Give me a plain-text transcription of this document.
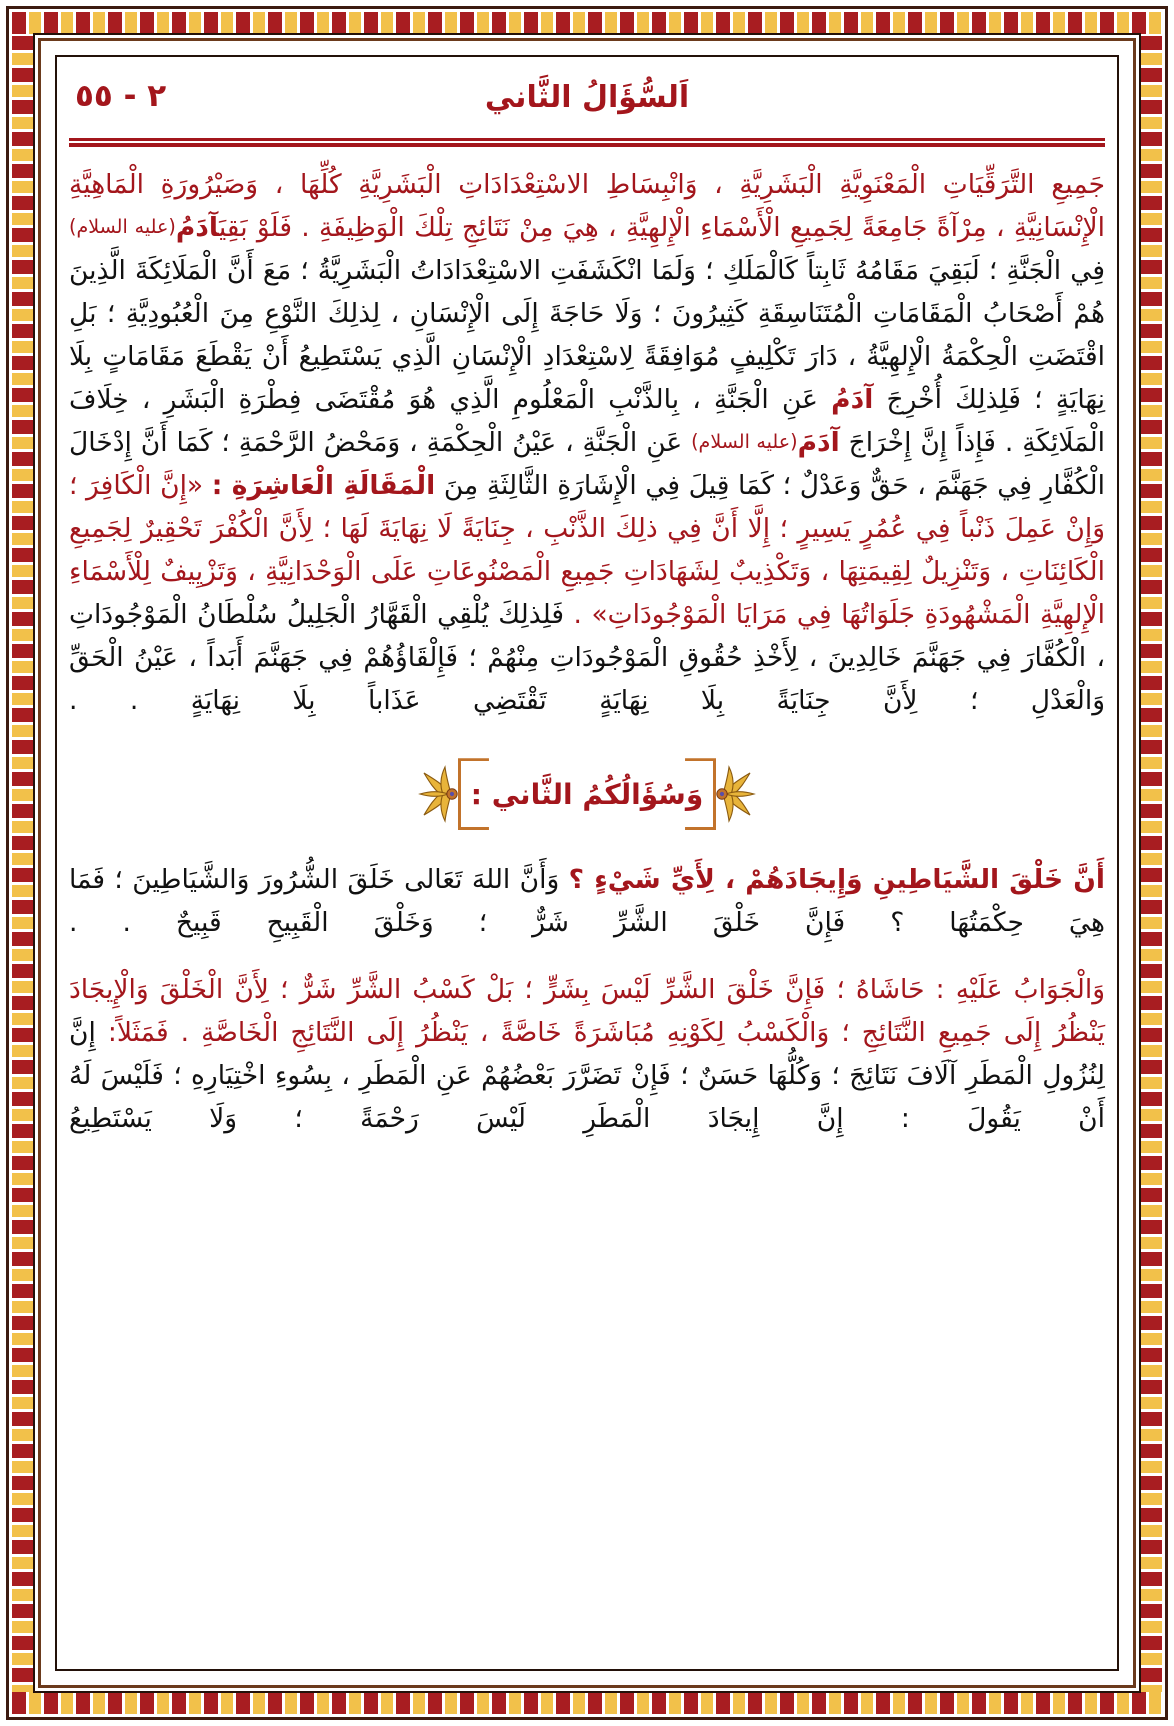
٢ - ٥٥	اَلسُّؤَالُ الثَّاني

جَمِيعِ التَّرَقِّيَاتِ الْمَعْنَوِيَّةِ الْبَشَرِيَّةِ ، وَانْبِسَاطِ الاسْتِعْدَادَاتِ الْبَشَرِيَّةِ كُلِّهَا ، وَصَيْرُورَةِ الْمَاهِيَّةِ الْإِنْسَانِيَّةِ ، مِرْآةً جَامِعَةً لِجَمِيعِ الْأَسْمَاءِ الْإِلهِيَّةِ ، هِيَ مِنْ نَتَائِجِ تِلْكَ الْوَظِيفَةِ . فَلَوْ بَقِيَآدَمُ(عليه السلام) فِي الْجَنَّةِ ؛ لَبَقِيَ مَقَامُهُ ثَابِتاً كَالْمَلَكِ ؛ وَلَمَا انْكَشَفَتِ الاسْتِعْدَادَاتُ الْبَشَرِيَّةُ ؛ مَعَ أَنَّ الْمَلَائِكَةَ الَّذِينَ هُمْ أَصْحَابُ الْمَقَامَاتِ الْمُتَنَاسِقَةِ كَثِيرُونَ ؛ وَلَا حَاجَةَ إِلَى الْإِنْسَانِ ، لِذلِكَ النَّوْعِ مِنَ الْعُبُودِيَّةِ ؛ بَلِ اقْتَضَتِ الْحِكْمَةُ الْإِلهِيَّةُ ، دَارَ تَكْلِيفٍ مُوَافِقَةً لِاسْتِعْدَادِ الْإِنْسَانِ الَّذِي يَسْتَطِيعُ أَنْ يَقْطَعَ مَقَامَاتٍ بِلَا نِهَايَةٍ ؛ فَلِذلِكَ أُخْرِجَ آدَمُ عَنِ الْجَنَّةِ ، بِالذَّنْبِ الْمَعْلُومِ الَّذِي هُوَ مُقْتَضَى فِطْرَةِ الْبَشَرِ ، خِلَافَ الْمَلَائِكَةِ . فَإِذاً إِنَّ إِخْرَاجَ آدَمَ(عليه السلام) عَنِ الْجَنَّةِ ، عَيْنُ الْحِكْمَةِ ، وَمَحْضُ الرَّحْمَةِ ؛ كَمَا أَنَّ إِدْخَالَ الْكُفَّارِ فِي جَهَنَّمَ ، حَقٌّ وَعَدْلٌ ؛ كَمَا قِيلَ فِي الْإِشَارَةِ الثَّالِثَةِ مِنَ الْمَقَالَةِ الْعَاشِرَةِ : «إِنَّ الْكَافِرَ ؛ وَإِنْ عَمِلَ ذَنْباً فِي عُمُرٍ يَسِيرٍ ؛ إِلَّا أَنَّ فِي ذلِكَ الذَّنْبِ ، جِنَايَةً لَا نِهَايَةَ لَهَا ؛ لِأَنَّ الْكُفْرَ تَحْقِيرٌ لِجَمِيعِ الْكَائِنَاتِ ، وَتَنْزِيلٌ لِقِيمَتِهَا ، وَتَكْذِيبٌ لِشَهَادَاتِ جَمِيعِ الْمَصْنُوعَاتِ عَلَى الْوَحْدَانِيَّةِ ، وَتَزْيِيفٌ لِلْأَسْمَاءِ الْإِلهِيَّةِ الْمَشْهُودَةِ جَلَوَاتُهَا فِي مَرَايَا الْمَوْجُودَاتِ» . فَلِذلِكَ يُلْقِي الْقَهَّارُ الْجَلِيلُ سُلْطَانُ الْمَوْجُودَاتِ ، الْكُفَّارَ فِي جَهَنَّمَ خَالِدِينَ ، لِأَخْذِ حُقُوقِ الْمَوْجُودَاتِ مِنْهُمْ ؛ فَإِلْقَاؤُهُمْ فِي جَهَنَّمَ أَبَداً ، عَيْنُ الْحَقِّ وَالْعَدْلِ ؛ لِأَنَّ جِنَايَةً بِلَا نِهَايَةٍ تَقْتَضِي عَذَاباً بِلَا نِهَايَةٍ . .

وَسُؤَالُكُمُ الثَّاني :

أَنَّ خَلْقَ الشَّيَاطِينِ وَإِيجَادَهُمْ ، لِأَيِّ شَيْءٍ ؟ وَأَنَّ اللهَ تَعَالى خَلَقَ الشُّرُورَ وَالشَّيَاطِينَ ؛ فَمَا هِيَ حِكْمَتُهَا ؟ فَإِنَّ خَلْقَ الشَّرِّ شَرٌّ ؛ وَخَلْقَ الْقَبِيحِ قَبِيحٌ . .

وَالْجَوَابُ عَلَيْهِ : حَاشَاهُ ؛ فَإِنَّ خَلْقَ الشَّرِّ لَيْسَ بِشَرٍّ ؛ بَلْ كَسْبُ الشَّرِّ شَرٌّ ؛ لِأَنَّ الْخَلْقَ وَالْإِيجَادَ يَنْظُرُ إِلَى جَمِيعِ النَّتَائِجِ ؛ وَالْكَسْبُ لِكَوْنِهِ مُبَاشَرَةً خَاصَّةً ، يَنْظُرُ إِلَى النَّتَائِجِ الْخَاصَّةِ . فَمَثَلاً: إِنَّ لِنُزُولِ الْمَطَرِ آلَافَ نَتَائِجَ ؛ وَكُلُّهَا حَسَنٌ ؛ فَإِنْ تَضَرَّرَ بَعْضُهُمْ عَنِ الْمَطَرِ ، بِسُوءِ اخْتِيَارِهِ ؛ فَلَيْسَ لَهُ أَنْ يَقُولَ : إِنَّ إِيجَادَ الْمَطَرِ لَيْسَ رَحْمَةً ؛ وَلَا يَسْتَطِيعُ
